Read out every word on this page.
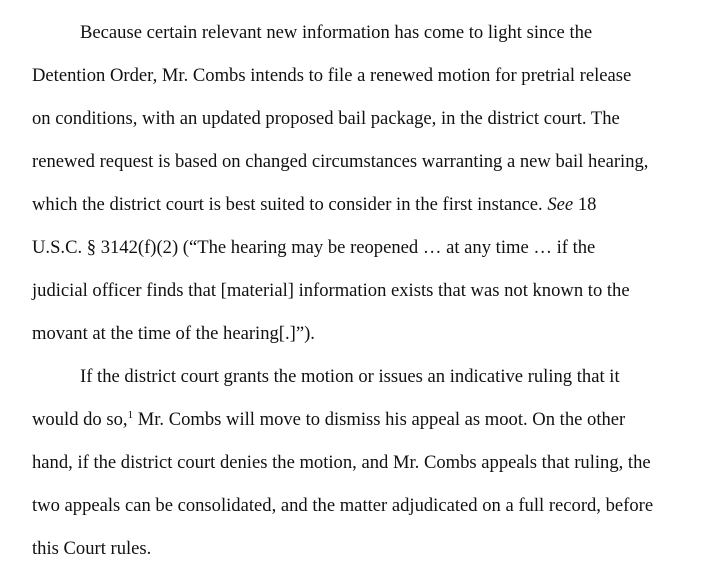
Because certain relevant new information has come to light since the
Detention Order, Mr. Combs intends to file a renewed motion for pretrial release
on conditions, with an updated proposed bail package, in the district court. The
renewed request is based on changed circumstances warranting a new bail hearing,
which the district court is best suited to consider in the first instance. See 18
U.S.C. § 3142(f)(2) (“The hearing may be reopened … at any time … if the
judicial officer finds that [material] information exists that was not known to the
movant at the time of the hearing[.]”).
If the district court grants the motion or issues an indicative ruling that it
would do so,$^1$ Mr. Combs will move to dismiss his appeal as moot. On the other
hand, if the district court denies the motion, and Mr. Combs appeals that ruling, the
two appeals can be consolidated, and the matter adjudicated on a full record, before
this Court rules.
